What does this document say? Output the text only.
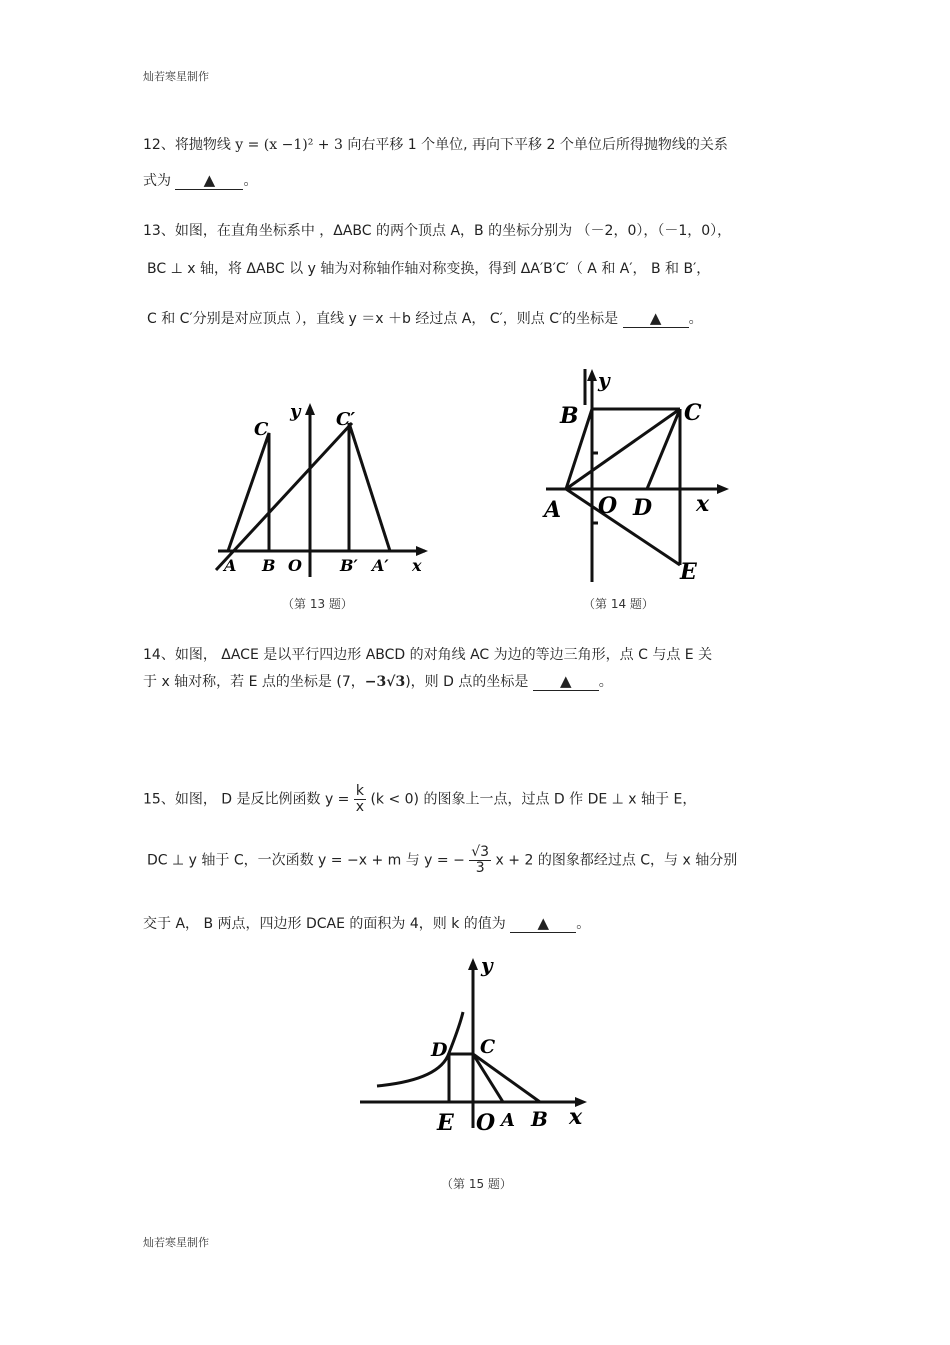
灿若寒星制作
12、将抛物线 y = (x −1)² + 3 向右平移 1 个单位, 再向下平移 2 个单位后所得抛物线的关系
式为 ▲ 。
13、如图，在直角坐标系中 ，ΔABC 的两个顶点 A，B 的坐标分别为 （－2，0），（－1，0），
BC ⊥ x 轴，将 ΔABC 以 y 轴为对称轴作轴对称变换，得到 ΔA′B′C′（ A 和 A′， B 和 B′，
C 和 C′分别是对应顶点 ），直线 y ＝x ＋b 经过点 A， C′，则点 C′的坐标是 ▲ 。
C	C′
y
A B O B′ A′ x
（第 13 题）
y
B	C
A O D x
E
（第 14 题）
14、如图， ΔACE 是以平行四边形 ABCD 的对角线 AC 为边的等边三角形，点 C 与点 E 关
于 x 轴对称，若 E 点的坐标是 (7，−3√3)，则 D 点的坐标是 ▲ 。
15、如图， D 是反比例函数 $y = \frac{k}{x} (k < 0)$ 的图象上一点，过点 D 作 DE ⊥ x 轴于 E，
DC ⊥ y 轴于 C，一次函数 y = −x + m 与 y = − $\frac{√3}{3}$ x + 2 的图象都经过点 C，与 x 轴分别
交于 A， B 两点，四边形 DCAE 的面积为 4，则 k 的值为 ▲ 。
y
D C
E O A B x
（第 15 题）
灿若寒星制作
